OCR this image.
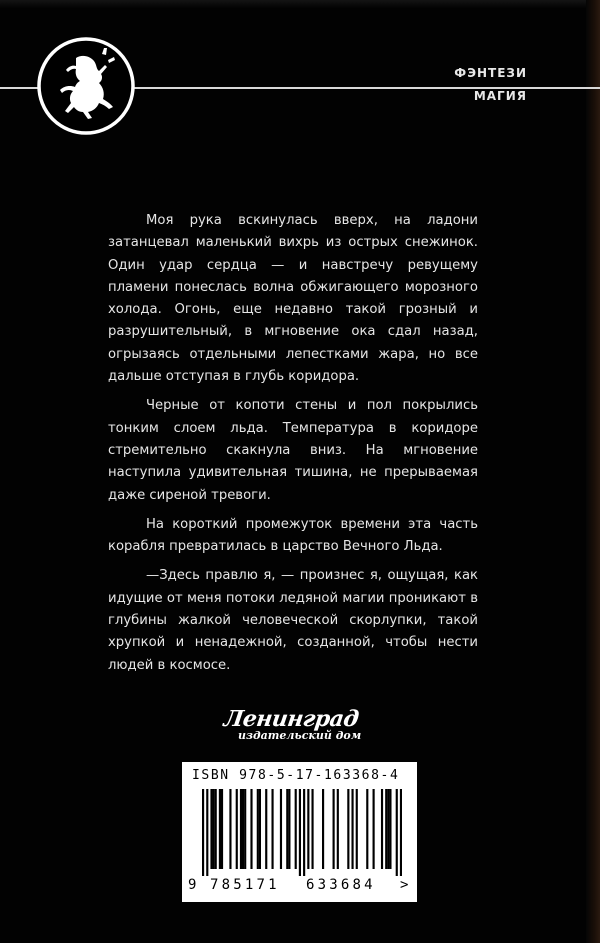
ФЭНТЕЗИ
МАГИЯ

Моя рука вскинулась вверх, на ладони затанцевал маленький вихрь из острых снежинок. Один удар сердца — и навстречу ревущему пламени понеслась волна обжигающего морозного холода. Огонь, еще недавно такой грозный и разрушительный, в мгновение ока сдал назад, огрызаясь отдельными лепестками жара, но все дальше отступая в глубь коридора.

Черные от копоти стены и пол покрылись тонким слоем льда. Температура в коридоре стремительно скакнула вниз. На мгновение наступила удивительная тишина, не прерываемая даже сиреной тревоги.

На короткий промежуток времени эта часть корабля превратилась в царство Вечного Льда.

—Здесь правлю я, — произнес я, ощущая, как идущие от меня потоки ледяной магии проникают в глубины жалкой человеческой скорлупки, такой хрупкой и ненадежной, созданной, чтобы нести людей в космосе.

Ленинград
издательский дом
ISBN 978-5-17-163368-4
9 785171 633684 >
